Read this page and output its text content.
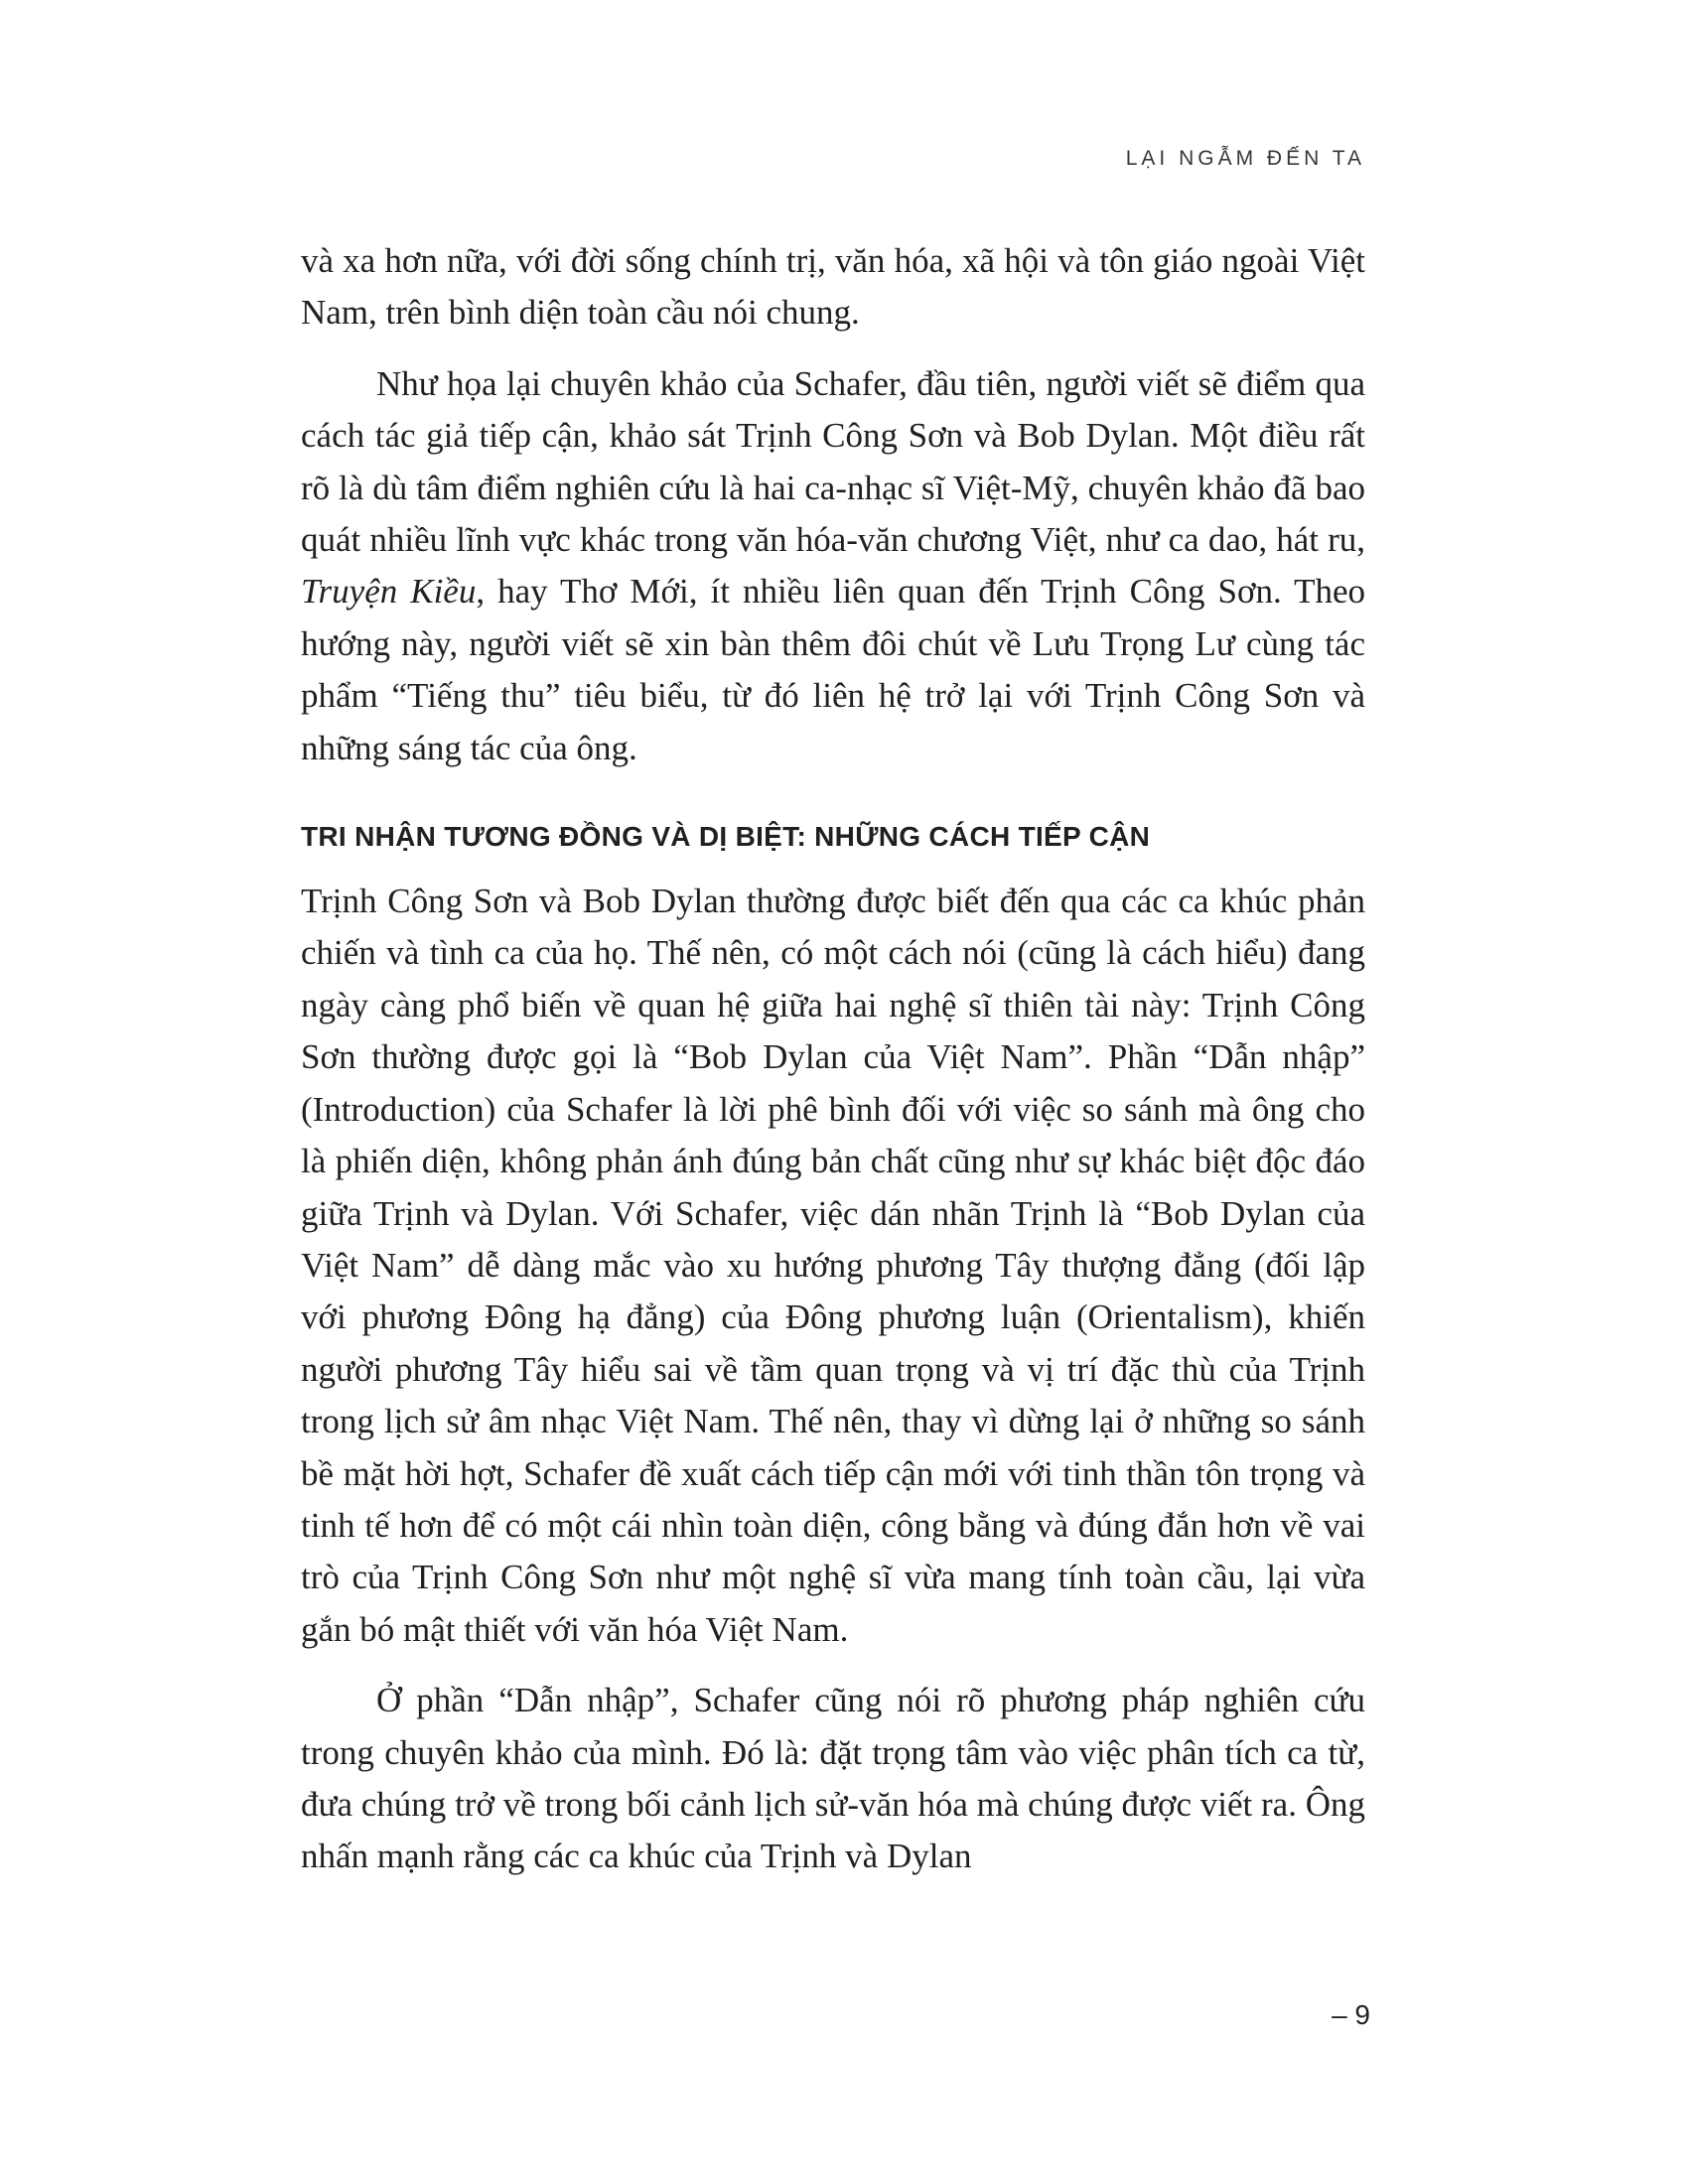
LẠI NGẪM ĐẾN TA

và xa hơn nữa, với đời sống chính trị, văn hóa, xã hội và tôn giáo ngoài Việt Nam, trên bình diện toàn cầu nói chung.

Như họa lại chuyên khảo của Schafer, đầu tiên, người viết sẽ điểm qua cách tác giả tiếp cận, khảo sát Trịnh Công Sơn và Bob Dylan. Một điều rất rõ là dù tâm điểm nghiên cứu là hai ca-nhạc sĩ Việt-Mỹ, chuyên khảo đã bao quát nhiều lĩnh vực khác trong văn hóa-văn chương Việt, như ca dao, hát ru, Truyện Kiều, hay Thơ Mới, ít nhiều liên quan đến Trịnh Công Sơn. Theo hướng này, người viết sẽ xin bàn thêm đôi chút về Lưu Trọng Lư cùng tác phẩm “Tiếng thu” tiêu biểu, từ đó liên hệ trở lại với Trịnh Công Sơn và những sáng tác của ông.

TRI NHẬN TƯƠNG ĐỒNG VÀ DỊ BIỆT: NHỮNG CÁCH TIẾP CẬN

Trịnh Công Sơn và Bob Dylan thường được biết đến qua các ca khúc phản chiến và tình ca của họ. Thế nên, có một cách nói (cũng là cách hiểu) đang ngày càng phổ biến về quan hệ giữa hai nghệ sĩ thiên tài này: Trịnh Công Sơn thường được gọi là “Bob Dylan của Việt Nam”. Phần “Dẫn nhập” (Introduction) của Schafer là lời phê bình đối với việc so sánh mà ông cho là phiến diện, không phản ánh đúng bản chất cũng như sự khác biệt độc đáo giữa Trịnh và Dylan. Với Schafer, việc dán nhãn Trịnh là “Bob Dylan của Việt Nam” dễ dàng mắc vào xu hướng phương Tây thượng đẳng (đối lập với phương Đông hạ đẳng) của Đông phương luận (Orientalism), khiến người phương Tây hiểu sai về tầm quan trọng và vị trí đặc thù của Trịnh trong lịch sử âm nhạc Việt Nam. Thế nên, thay vì dừng lại ở những so sánh bề mặt hời hợt, Schafer đề xuất cách tiếp cận mới với tinh thần tôn trọng và tinh tế hơn để có một cái nhìn toàn diện, công bằng và đúng đắn hơn về vai trò của Trịnh Công Sơn như một nghệ sĩ vừa mang tính toàn cầu, lại vừa gắn bó mật thiết với văn hóa Việt Nam.

Ở phần “Dẫn nhập”, Schafer cũng nói rõ phương pháp nghiên cứu trong chuyên khảo của mình. Đó là: đặt trọng tâm vào việc phân tích ca từ, đưa chúng trở về trong bối cảnh lịch sử-văn hóa mà chúng được viết ra. Ông nhấn mạnh rằng các ca khúc của Trịnh và Dylan

– 9
